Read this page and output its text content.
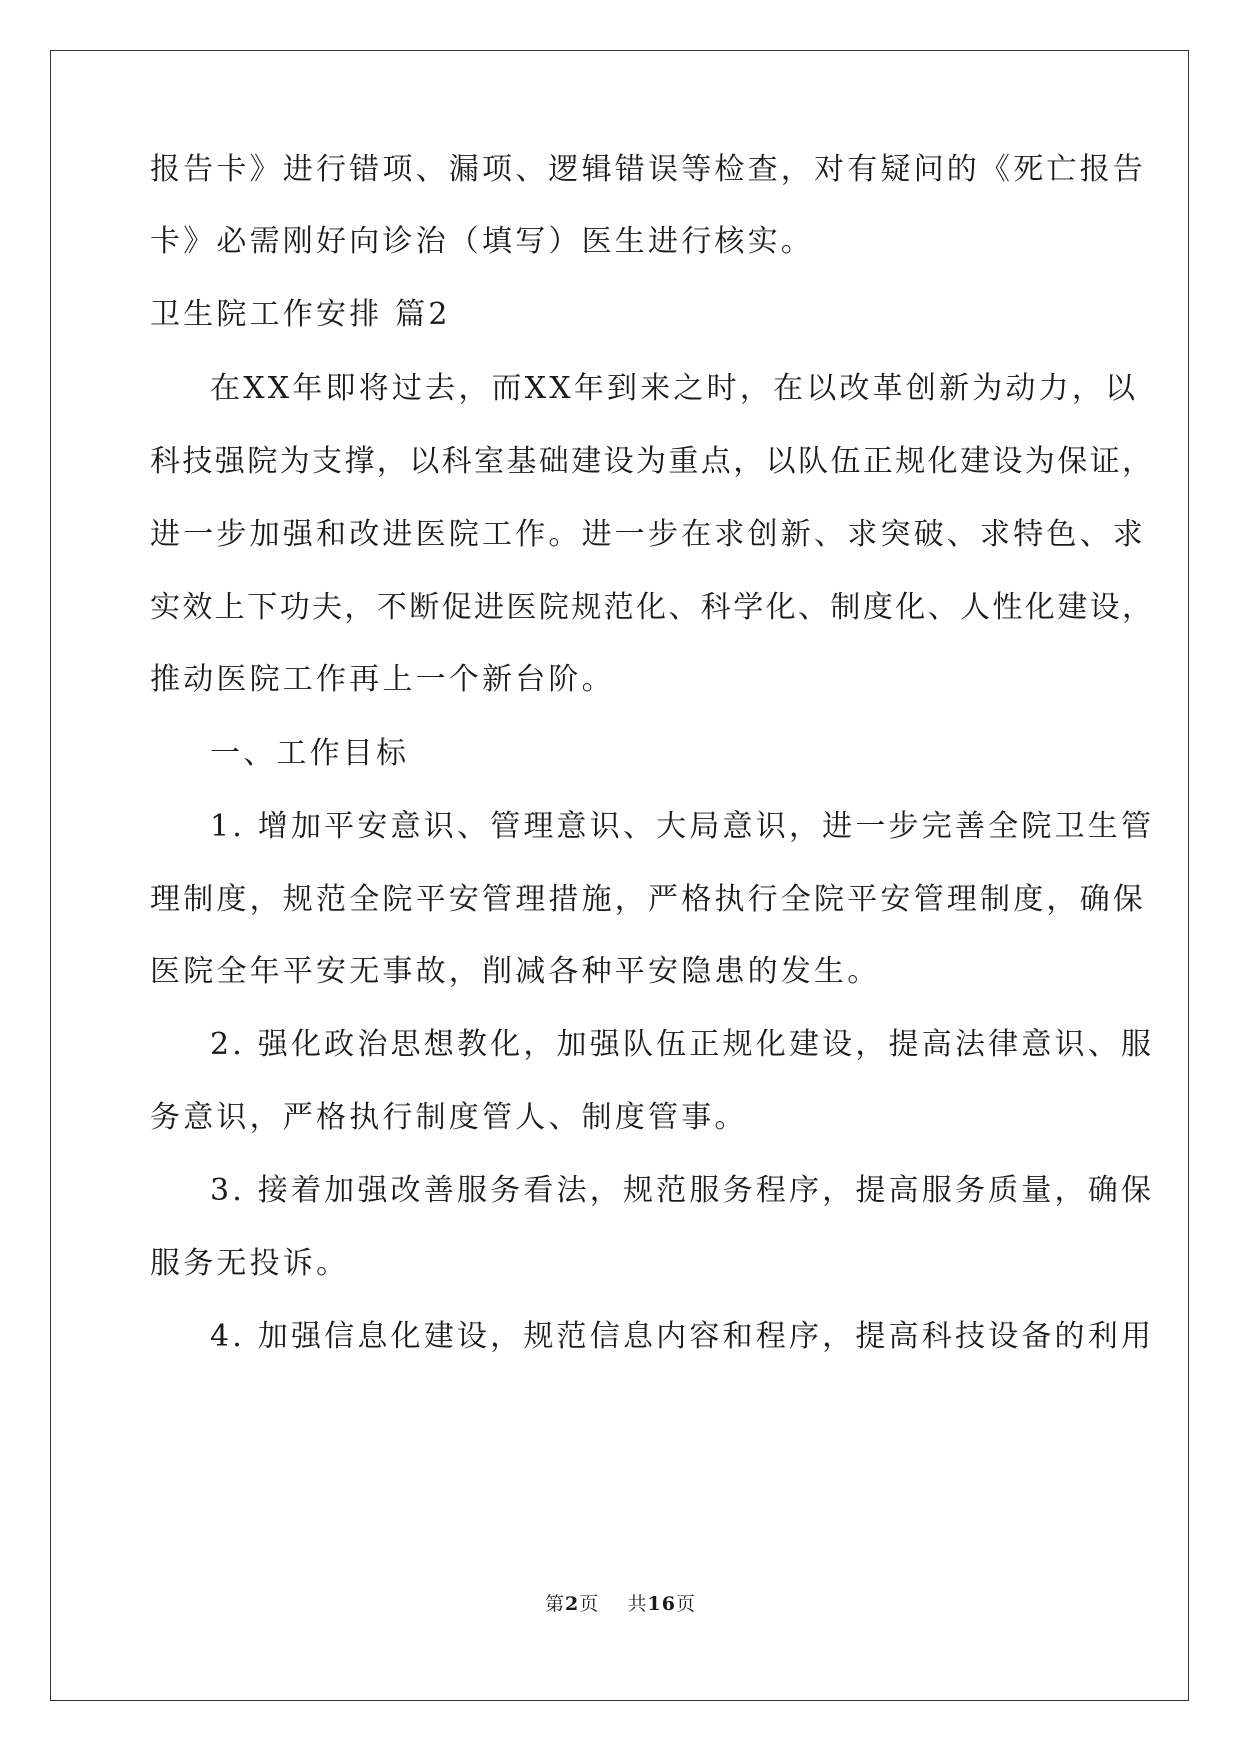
报告卡》进行错项、漏项、逻辑错误等检查，对有疑问的《死亡报告
卡》必需刚好向诊治（填写）医生进行核实。
卫生院工作安排 篇2
在XX年即将过去，而XX年到来之时，在以改革创新为动力，以
科技强院为支撑，以科室基础建设为重点，以队伍正规化建设为保证，
进一步加强和改进医院工作。进一步在求创新、求突破、求特色、求
实效上下功夫，不断促进医院规范化、科学化、制度化、人性化建设，
推动医院工作再上一个新台阶。
一、工作目标
1. 增加平安意识、管理意识、大局意识，进一步完善全院卫生管
理制度，规范全院平安管理措施，严格执行全院平安管理制度，确保
医院全年平安无事故，削减各种平安隐患的发生。
2. 强化政治思想教化，加强队伍正规化建设，提高法律意识、服
务意识，严格执行制度管人、制度管事。
3. 接着加强改善服务看法，规范服务程序，提高服务质量，确保
服务无投诉。
4. 加强信息化建设，规范信息内容和程序，提高科技设备的利用
第2页 共16页
